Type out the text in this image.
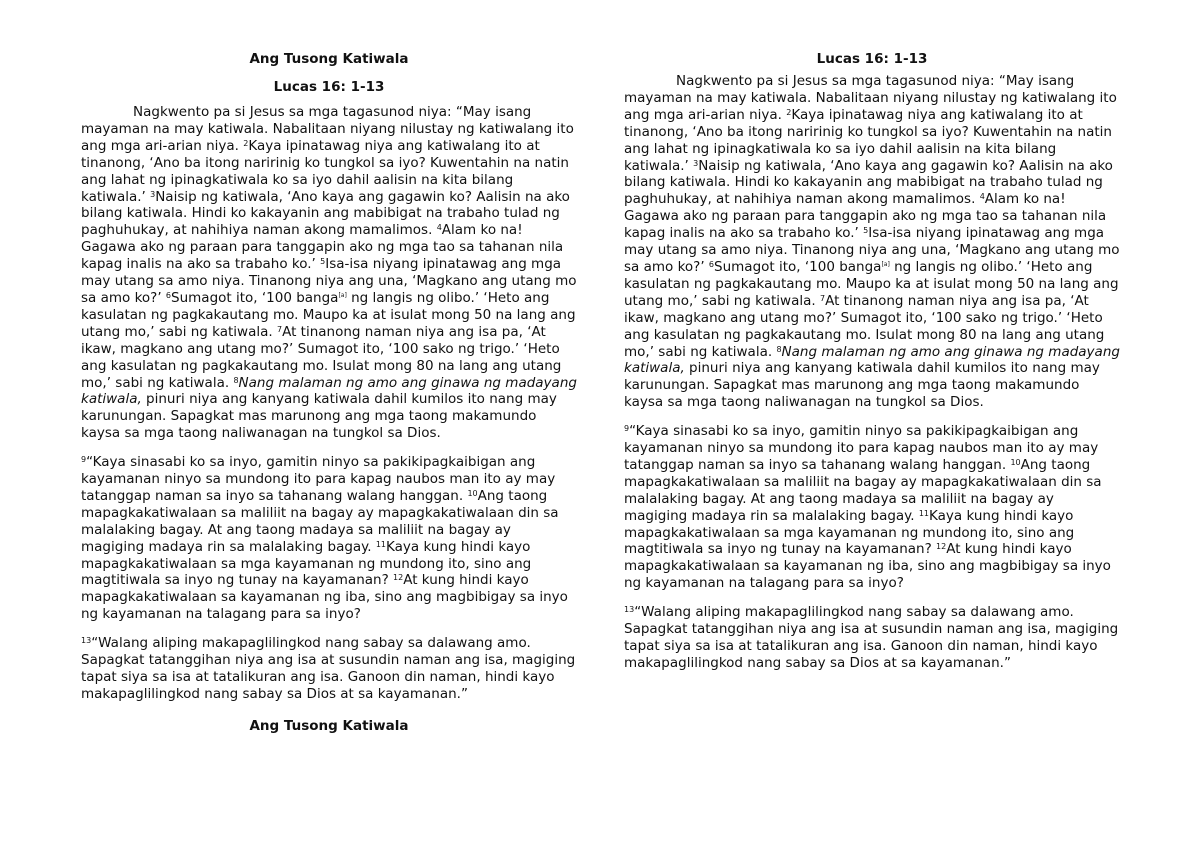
Ang Tusong Katiwala
Lucas 16: 1-13

Nagkwento pa si Jesus sa mga tagasunod niya: “May isang mayaman na may katiwala. Nabalitaan niyang nilustay ng katiwalang ito ang mga ari-arian niya. $^2$Kaya ipinatawag niya ang katiwalang ito at tinanong, ‘Ano ba itong naririnig ko tungkol sa iyo? Kuwentahin na natin ang lahat ng ipinagkatiwala ko sa iyo dahil aalisin na kita bilang katiwala.’ $^3$Naisip ng katiwala, ‘Ano kaya ang gagawin ko? Aalisin na ako bilang katiwala. Hindi ko kakayanin ang mabibigat na trabaho tulad ng paghuhukay, at nahihiya naman akong mamalimos. $^4$Alam ko na! Gagawa ako ng paraan para tanggapin ako ng mga tao sa tahanan nila kapag inalis na ako sa trabaho ko.’ $^5$Isa-isa niyang ipinatawag ang mga may utang sa amo niya. Tinanong niya ang una, ‘Magkano ang utang mo sa amo ko?’ $^6$Sumagot ito, ‘100 banga[a] ng langis ng olibo.’ ‘Heto ang kasulatan ng pagkakautang mo. Maupo ka at isulat mong 50 na lang ang utang mo,’ sabi ng katiwala. $^7$At tinanong naman niya ang isa pa, ‘At ikaw, magkano ang utang mo?’ Sumagot ito, ‘100 sako ng trigo.’ ‘Heto ang kasulatan ng pagkakautang mo. Isulat mong 80 na lang ang utang mo,’ sabi ng katiwala. $^8$Nang malaman ng amo ang ginawa ng madayang katiwala, pinuri niya ang kanyang katiwala dahil kumilos ito nang may karunungan. Sapagkat mas marunong ang mga taong makamundo kaysa sa mga taong naliwanagan na tungkol sa Dios.

$^9$“Kaya sinasabi ko sa inyo, gamitin ninyo sa pakikipagkaibigan ang kayamanan ninyo sa mundong ito para kapag naubos man ito ay may tatanggap naman sa inyo sa tahanang walang hanggan. $^{10}$Ang taong mapagkakatiwalaan sa maliliit na bagay ay mapagkakatiwalaan din sa malalaking bagay. At ang taong madaya sa maliliit na bagay ay magiging madaya rin sa malalaking bagay. $^{11}$Kaya kung hindi kayo mapagkakatiwalaan sa mga kayamanan ng mundong ito, sino ang magtitiwala sa inyo ng tunay na kayamanan? $^{12}$At kung hindi kayo mapagkakatiwalaan sa kayamanan ng iba, sino ang magbibigay sa inyo ng kayamanan na talagang para sa inyo?

$^{13}$“Walang aliping makapaglilingkod nang sabay sa dalawang amo. Sapagkat tatanggihan niya ang isa at susundin naman ang isa, magiging tapat siya sa isa at tatalikuran ang isa. Ganoon din naman, hindi kayo makapaglilingkod nang sabay sa Dios at sa kayamanan.”

Ang Tusong Katiwala
Lucas 16: 1-13

Nagkwento pa si Jesus sa mga tagasunod niya: “May isang mayaman na may katiwala. Nabalitaan niyang nilustay ng katiwalang ito ang mga ari-arian niya. $^2$Kaya ipinatawag niya ang katiwalang ito at tinanong, ‘Ano ba itong naririnig ko tungkol sa iyo? Kuwentahin na natin ang lahat ng ipinagkatiwala ko sa iyo dahil aalisin na kita bilang katiwala.’ $^3$Naisip ng katiwala, ‘Ano kaya ang gagawin ko? Aalisin na ako bilang katiwala. Hindi ko kakayanin ang mabibigat na trabaho tulad ng paghuhukay, at nahihiya naman akong mamalimos. $^4$Alam ko na! Gagawa ako ng paraan para tanggapin ako ng mga tao sa tahanan nila kapag inalis na ako sa trabaho ko.’ $^5$Isa-isa niyang ipinatawag ang mga may utang sa amo niya. Tinanong niya ang una, ‘Magkano ang utang mo sa amo ko?’ $^6$Sumagot ito, ‘100 banga[a] ng langis ng olibo.’ ‘Heto ang kasulatan ng pagkakautang mo. Maupo ka at isulat mong 50 na lang ang utang mo,’ sabi ng katiwala. $^7$At tinanong naman niya ang isa pa, ‘At ikaw, magkano ang utang mo?’ Sumagot ito, ‘100 sako ng trigo.’ ‘Heto ang kasulatan ng pagkakautang mo. Isulat mong 80 na lang ang utang mo,’ sabi ng katiwala. $^8$Nang malaman ng amo ang ginawa ng madayang katiwala, pinuri niya ang kanyang katiwala dahil kumilos ito nang may karunungan. Sapagkat mas marunong ang mga taong makamundo kaysa sa mga taong naliwanagan na tungkol sa Dios.

$^9$“Kaya sinasabi ko sa inyo, gamitin ninyo sa pakikipagkaibigan ang kayamanan ninyo sa mundong ito para kapag naubos man ito ay may tatanggap naman sa inyo sa tahanang walang hanggan. $^{10}$Ang taong mapagkakatiwalaan sa maliliit na bagay ay mapagkakatiwalaan din sa malalaking bagay. At ang taong madaya sa maliliit na bagay ay magiging madaya rin sa malalaking bagay. $^{11}$Kaya kung hindi kayo mapagkakatiwalaan sa mga kayamanan ng mundong ito, sino ang magtitiwala sa inyo ng tunay na kayamanan? $^{12}$At kung hindi kayo mapagkakatiwalaan sa kayamanan ng iba, sino ang magbibigay sa inyo ng kayamanan na talagang para sa inyo?

$^{13}$“Walang aliping makapaglilingkod nang sabay sa dalawang amo. Sapagkat tatanggihan niya ang isa at susundin naman ang isa, magiging tapat siya sa isa at tatalikuran ang isa. Ganoon din naman, hindi kayo makapaglilingkod nang sabay sa Dios at sa kayamanan.”
